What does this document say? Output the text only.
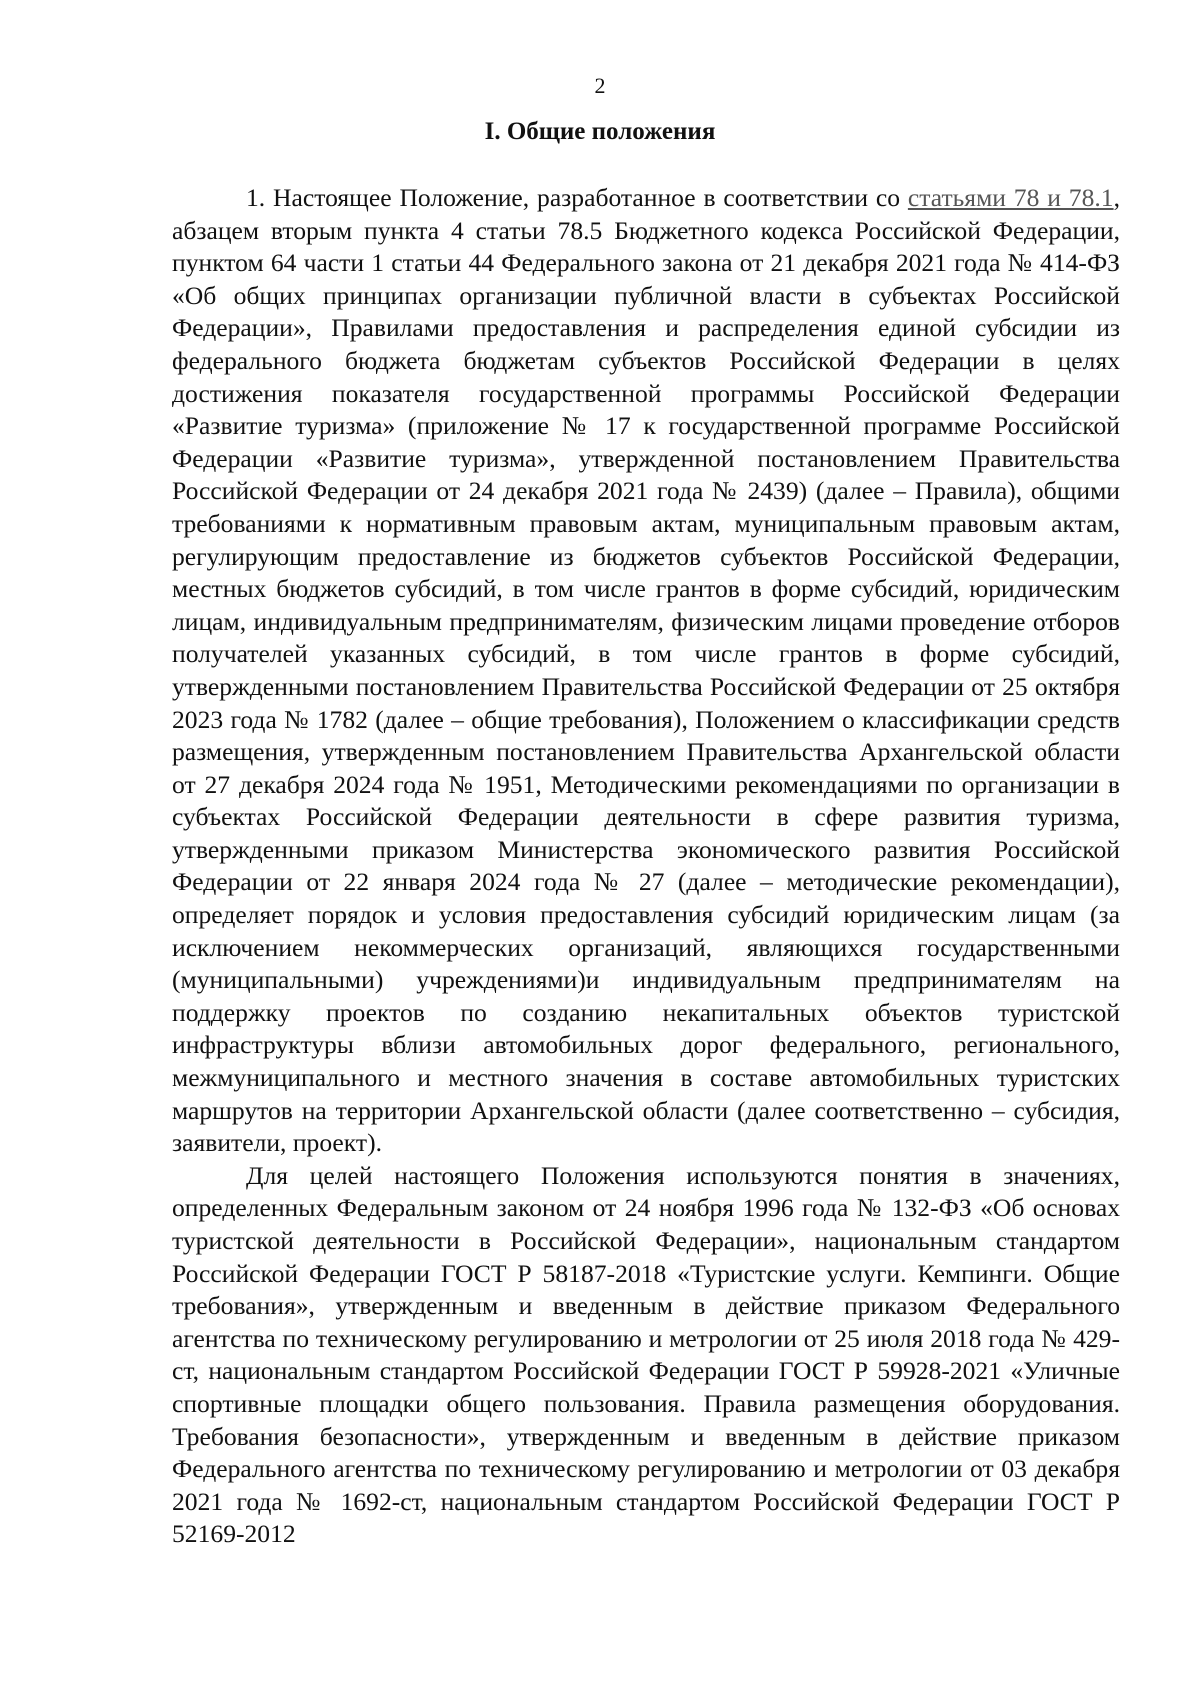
2
I. Общие положения

1. Настоящее Положение, разработанное в соответствии со статьями 78 и 78.1, абзацем вторым пункта 4 статьи 78.5 Бюджетного кодекса Российской Федерации, пунктом 64 части 1 статьи 44 Федерального закона от 21 декабря 2021 года № 414-ФЗ «Об общих принципах организации публичной власти в субъектах Российской Федерации», Правилами предоставления и распределения единой субсидии из федерального бюджета бюджетам субъектов Российской Федерации в целях достижения показателя государственной программы Российской Федерации «Развитие туризма» (приложение № 17 к государственной программе Российской Федерации «Развитие туризма», утвержденной постановлением Правительства Российской Федерации от 24 декабря 2021 года № 2439) (далее – Правила), общими требованиями к нормативным правовым актам, муниципальным правовым актам, регулирующим предоставление из бюджетов субъектов Российской Федерации, местных бюджетов субсидий, в том числе грантов в форме субсидий, юридическим лицам, индивидуальным предпринимателям, физическим лицами проведение отборов получателей указанных субсидий, в том числе грантов в форме субсидий, утвержденными постановлением Правительства Российской Федерации от 25 октября 2023 года № 1782 (далее – общие требования), Положением о классификации средств размещения, утвержденным постановлением Правительства Архангельской области от 27 декабря 2024 года № 1951, Методическими рекомендациями по организации в субъектах Российской Федерации деятельности в сфере развития туризма, утвержденными приказом Министерства экономического развития Российской Федерации от 22 января 2024 года № 27 (далее – методические рекомендации), определяет порядок и условия предоставления субсидий юридическим лицам (за исключением некоммерческих организаций, являющихся государственными (муниципальными) учреждениями)и индивидуальным предпринимателям на поддержку проектов по созданию некапитальных объектов туристской инфраструктуры вблизи автомобильных дорог федерального, регионального, межмуниципального и местного значения в составе автомобильных туристских маршрутов на территории Архангельской области (далее соответственно – субсидия, заявители, проект).

Для целей настоящего Положения используются понятия в значениях, определенных Федеральным законом от 24 ноября 1996 года № 132-ФЗ «Об основах туристской деятельности в Российской Федерации», национальным стандартом Российской Федерации ГОСТ Р 58187-2018 «Туристские услуги. Кемпинги. Общие требования», утвержденным и введенным в действие приказом Федерального агентства по техническому регулированию и метрологии от 25 июля 2018 года № 429-ст, национальным стандартом Российской Федерации ГОСТ Р 59928-2021 «Уличные спортивные площадки общего пользования. Правила размещения оборудования. Требования безопасности», утвержденным и введенным в действие приказом Федерального агентства по техническому регулированию и метрологии от 03 декабря 2021 года № 1692-ст, национальным стандартом Российской Федерации ГОСТ Р 52169-2012
